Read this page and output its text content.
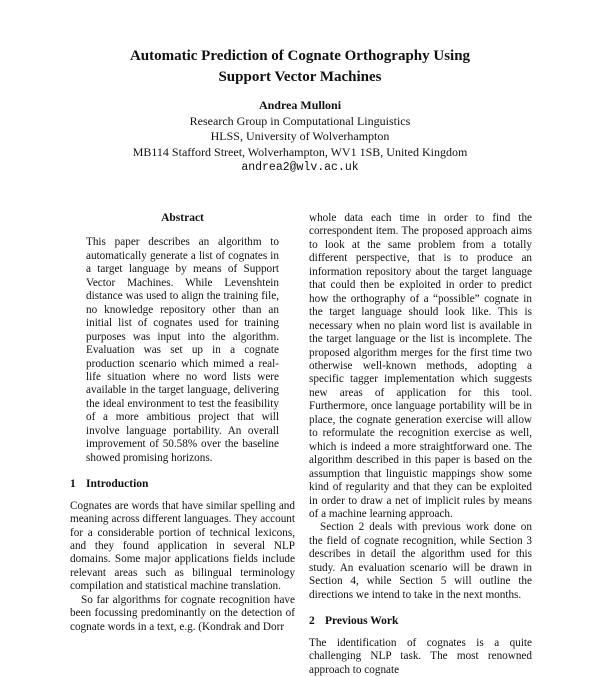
Automatic Prediction of Cognate Orthography Using
Support Vector Machines
Andrea Mulloni
Research Group in Computational Linguistics
HLSS, University of Wolverhampton
MB114 Stafford Street, Wolverhampton, WV1 1SB, United Kingdom
andrea2@wlv.ac.uk
Abstract

This paper describes an algorithm to automatically generate a list of cognates in a target language by means of Support Vector Machines. While Levenshtein distance was used to align the training file, no knowledge repository other than an initial list of cognates used for training purposes was input into the algorithm. Evaluation was set up in a cognate production scenario which mimed a real-life situation where no word lists were available in the target language, delivering the ideal environment to test the feasibility of a more ambitious project that will involve language portability. An overall improvement of 50.58% over the baseline showed promising horizons.

1 Introduction

Cognates are words that have similar spelling and meaning across different languages. They account for a considerable portion of technical lexicons, and they found application in several NLP domains. Some major applications fields include relevant areas such as bilingual terminology compilation and statistical machine translation.

So far algorithms for cognate recognition have been focussing predominantly on the detection of cognate words in a text, e.g. (Kondrak and Dorr

whole data each time in order to find the correspondent item. The proposed approach aims to look at the same problem from a totally different perspective, that is to produce an information repository about the target language that could then be exploited in order to predict how the orthography of a “possible” cognate in the target language should look like. This is necessary when no plain word list is available in the target language or the list is incomplete. The proposed algorithm merges for the first time two otherwise well-known methods, adopting a specific tagger implementation which suggests new areas of application for this tool. Furthermore, once language portability will be in place, the cognate generation exercise will allow to reformulate the recognition exercise as well, which is indeed a more straightforward one. The algorithm described in this paper is based on the assumption that linguistic mappings show some kind of regularity and that they can be exploited in order to draw a net of implicit rules by means of a machine learning approach.

Section 2 deals with previous work done on the field of cognate recognition, while Section 3 describes in detail the algorithm used for this study. An evaluation scenario will be drawn in Section 4, while Section 5 will outline the directions we intend to take in the next months.

2 Previous Work

The identification of cognates is a quite challenging NLP task. The most renowned approach to cognate
